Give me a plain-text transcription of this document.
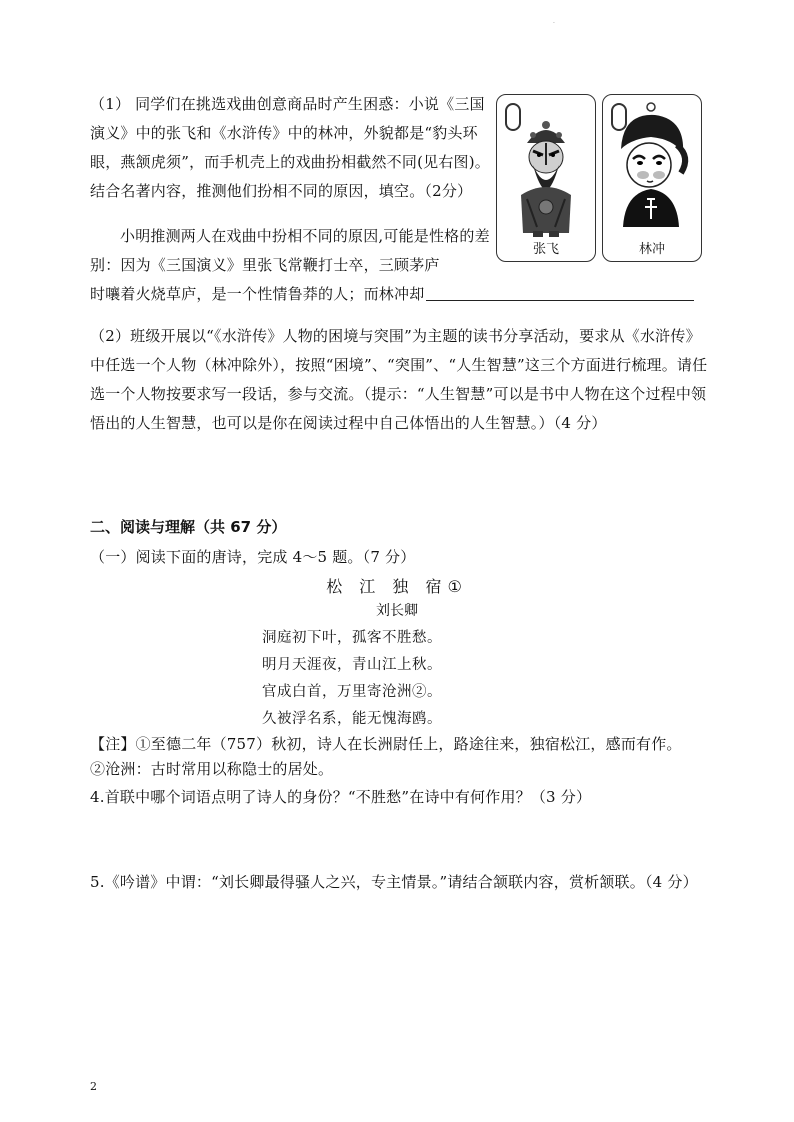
.
（1） 同学们在挑选戏曲创意商品时产生困惑：小说《三国演义》中的张飞和《水浒传》中的林冲，外貌都是“豹头环眼，燕颔虎须”，而手机壳上的戏曲扮相截然不同(见右图)。结合名著内容，推测他们扮相不同的原因，填空。（2分）
小明推测两人在戏曲中扮相不同的原因,可能是性格的差别：因为《三国演义》里张飞常鞭打士卒，三顾茅庐
时嚷着火烧草庐，是一个性情鲁莽的人；而林冲却
张飞	林冲
（2）班级开展以“《水浒传》人物的困境与突围”为主题的读书分享活动，要求从《水浒传》中任选一个人物（林冲除外），按照“困境”、“突围”、“人生智慧”这三个方面进行梳理。请任选一个人物按要求写一段话，参与交流。（提示：“人生智慧”可以是书中人物在这个过程中领悟出的人生智慧，也可以是你在阅读过程中自己体悟出的人生智慧。）（4 分）
二、阅读与理解（共 67 分）
（一）阅读下面的唐诗，完成 4～5 题。（7 分）
松 江 独 宿①
刘长卿
洞庭初下叶，孤客不胜愁。
明月天涯夜，青山江上秋。
官成白首，万里寄沧洲②。
久被浮名系，能无愧海鸥。
【注】①至德二年（757）秋初，诗人在长洲尉任上，路途往来，独宿松江，感而有作。
②沧洲：古时常用以称隐士的居处。
4.首联中哪个词语点明了诗人的身份？“不胜愁”在诗中有何作用？（3 分）
5.《吟谱》中谓：“刘长卿最得骚人之兴，专主情景。”请结合颔联内容，赏析颔联。（4 分）
2
